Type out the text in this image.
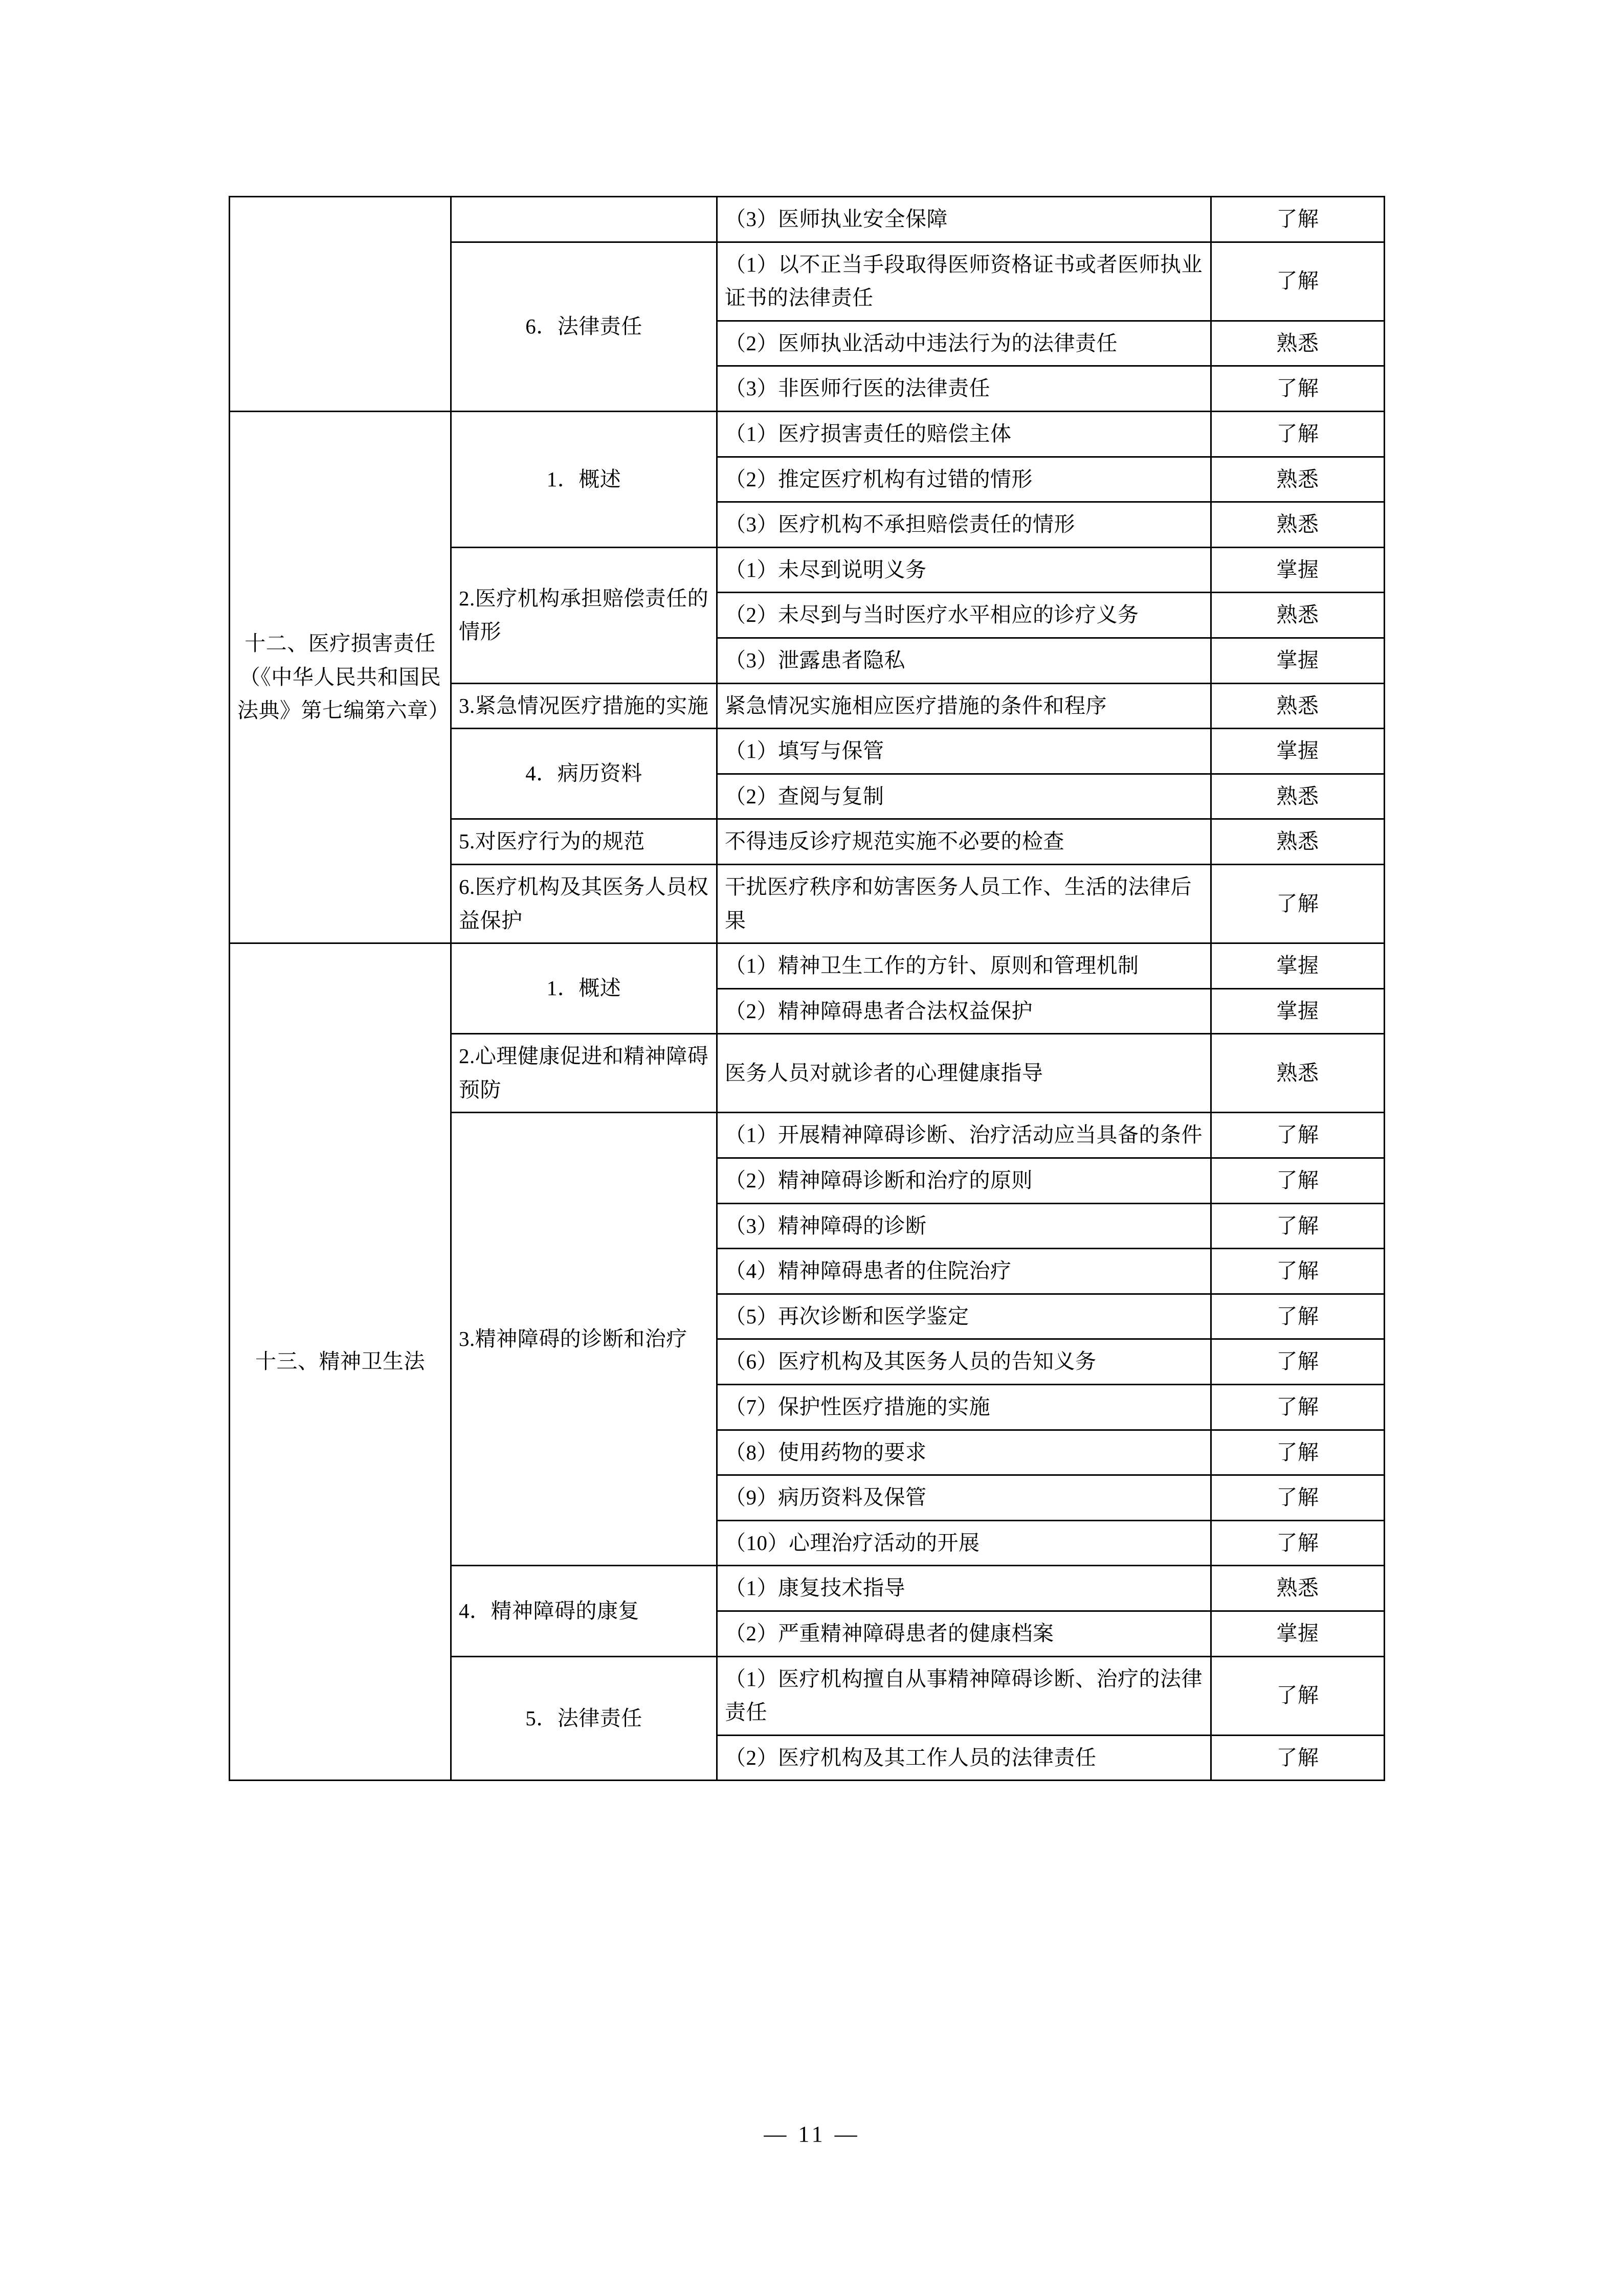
		（3）医师执业安全保障	了解
	6．法律责任	（1）以不正当手段取得医师资格证书或者医师执业证书的法律责任	了解
		（2）医师执业活动中违法行为的法律责任	熟悉
		（3）非医师行医的法律责任	了解
十二、医疗损害责任（《中华人民共和国民法典》第七编第六章）	1．概述	（1）医疗损害责任的赔偿主体	了解
		（2）推定医疗机构有过错的情形	熟悉
		（3）医疗机构不承担赔偿责任的情形	熟悉
	2.医疗机构承担赔偿责任的情形	（1）未尽到说明义务	掌握
		（2）未尽到与当时医疗水平相应的诊疗义务	熟悉
		（3）泄露患者隐私	掌握
	3.紧急情况医疗措施的实施	紧急情况实施相应医疗措施的条件和程序	熟悉
	4．病历资料	（1）填写与保管	掌握
		（2）查阅与复制	熟悉
	5.对医疗行为的规范	不得违反诊疗规范实施不必要的检查	熟悉
	6.医疗机构及其医务人员权益保护	干扰医疗秩序和妨害医务人员工作、生活的法律后果	了解
十三、精神卫生法	1．概述	（1）精神卫生工作的方针、原则和管理机制	掌握
		（2）精神障碍患者合法权益保护	掌握
	2.心理健康促进和精神障碍预防	医务人员对就诊者的心理健康指导	熟悉
	3.精神障碍的诊断和治疗	（1）开展精神障碍诊断、治疗活动应当具备的条件	了解
		（2）精神障碍诊断和治疗的原则	了解
		（3）精神障碍的诊断	了解
		（4）精神障碍患者的住院治疗	了解
		（5）再次诊断和医学鉴定	了解
		（6）医疗机构及其医务人员的告知义务	了解
		（7）保护性医疗措施的实施	了解
		（8）使用药物的要求	了解
		（9）病历资料及保管	了解
		（10）心理治疗活动的开展	了解
	4．精神障碍的康复	（1）康复技术指导	熟悉
		（2）严重精神障碍患者的健康档案	掌握
	5．法律责任	（1）医疗机构擅自从事精神障碍诊断、治疗的法律责任	了解
		（2）医疗机构及其工作人员的法律责任	了解
— 11 —
